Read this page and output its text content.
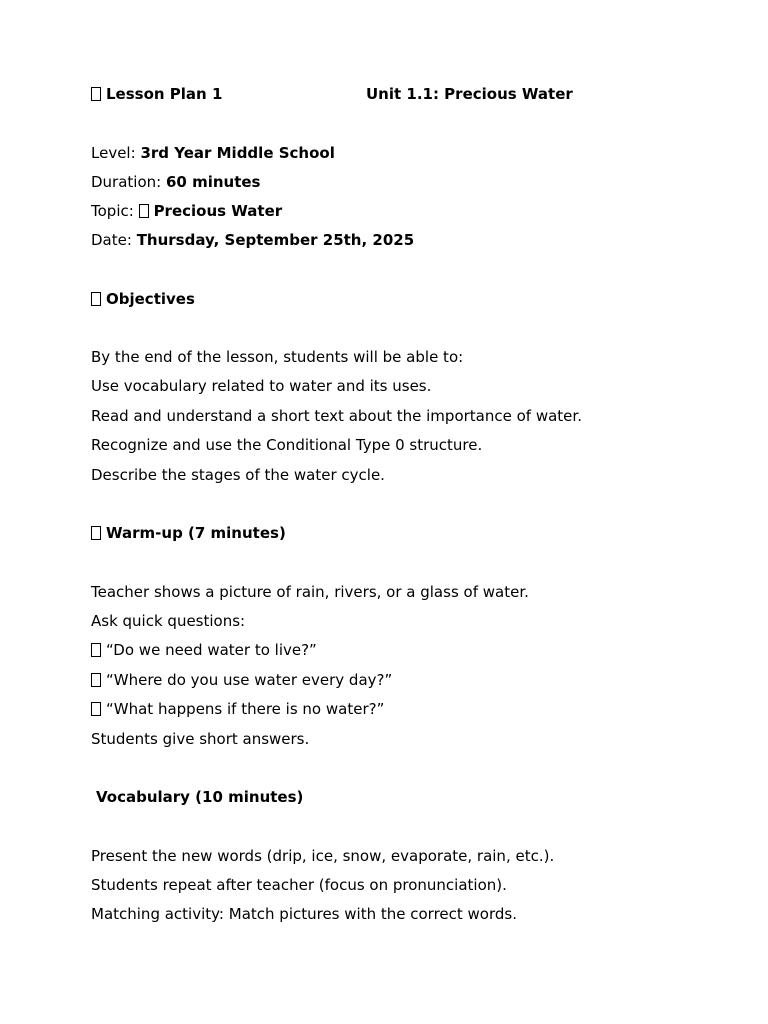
Lesson Plan 1	Unit 1.1: Precious Water
Level: 3rd Year Middle School
Duration: 60 minutes
Topic: Precious Water
Date: Thursday, September 25th, 2025
Objectives
By the end of the lesson, students will be able to:
Use vocabulary related to water and its uses.
Read and understand a short text about the importance of water.
Recognize and use the Conditional Type 0 structure.
Describe the stages of the water cycle.
Warm-up (7 minutes)
Teacher shows a picture of rain, rivers, or a glass of water.
Ask quick questions:
“Do we need water to live?”
“Where do you use water every day?”
“What happens if there is no water?”
Students give short answers.
Vocabulary (10 minutes)
Present the new words (drip, ice, snow, evaporate, rain, etc.).
Students repeat after teacher (focus on pronunciation).
Matching activity: Match pictures with the correct words.
